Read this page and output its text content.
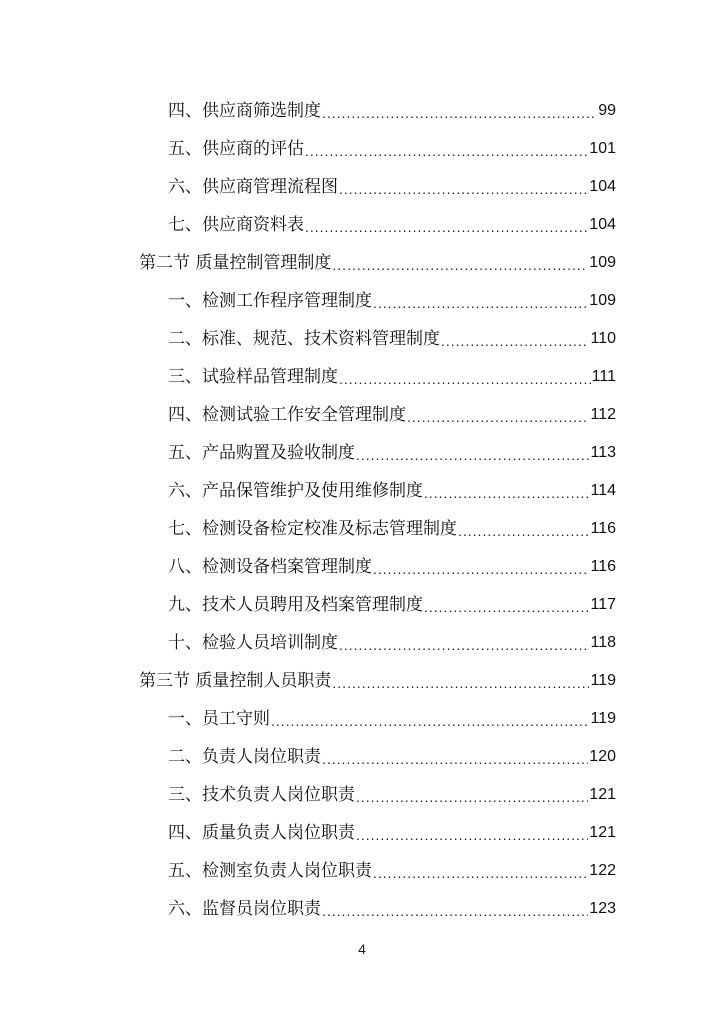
四、供应商筛选制度 .....	99
五、供应商的评估 .....	101
六、供应商管理流程图 .....	104
七、供应商资料表 .....	104
第二节 质量控制管理制度 .....	109
一、检测工作程序管理制度 .....	109
二、标准、规范、技术资料管理制度 .....	110
三、试验样品管理制度 .....	111
四、检测试验工作安全管理制度 .....	112
五、产品购置及验收制度 .....	113
六、产品保管维护及使用维修制度 .....	114
七、检测设备检定校准及标志管理制度 .....	116
八、检测设备档案管理制度 .....	116
九、技术人员聘用及档案管理制度 .....	117
十、检验人员培训制度 .....	118
第三节 质量控制人员职责 .....	119
一、员工守则 .....	119
二、负责人岗位职责 .....	120
三、技术负责人岗位职责 .....	121
四、质量负责人岗位职责 .....	121
五、检测室负责人岗位职责 .....	122
六、监督员岗位职责 .....	123
4
